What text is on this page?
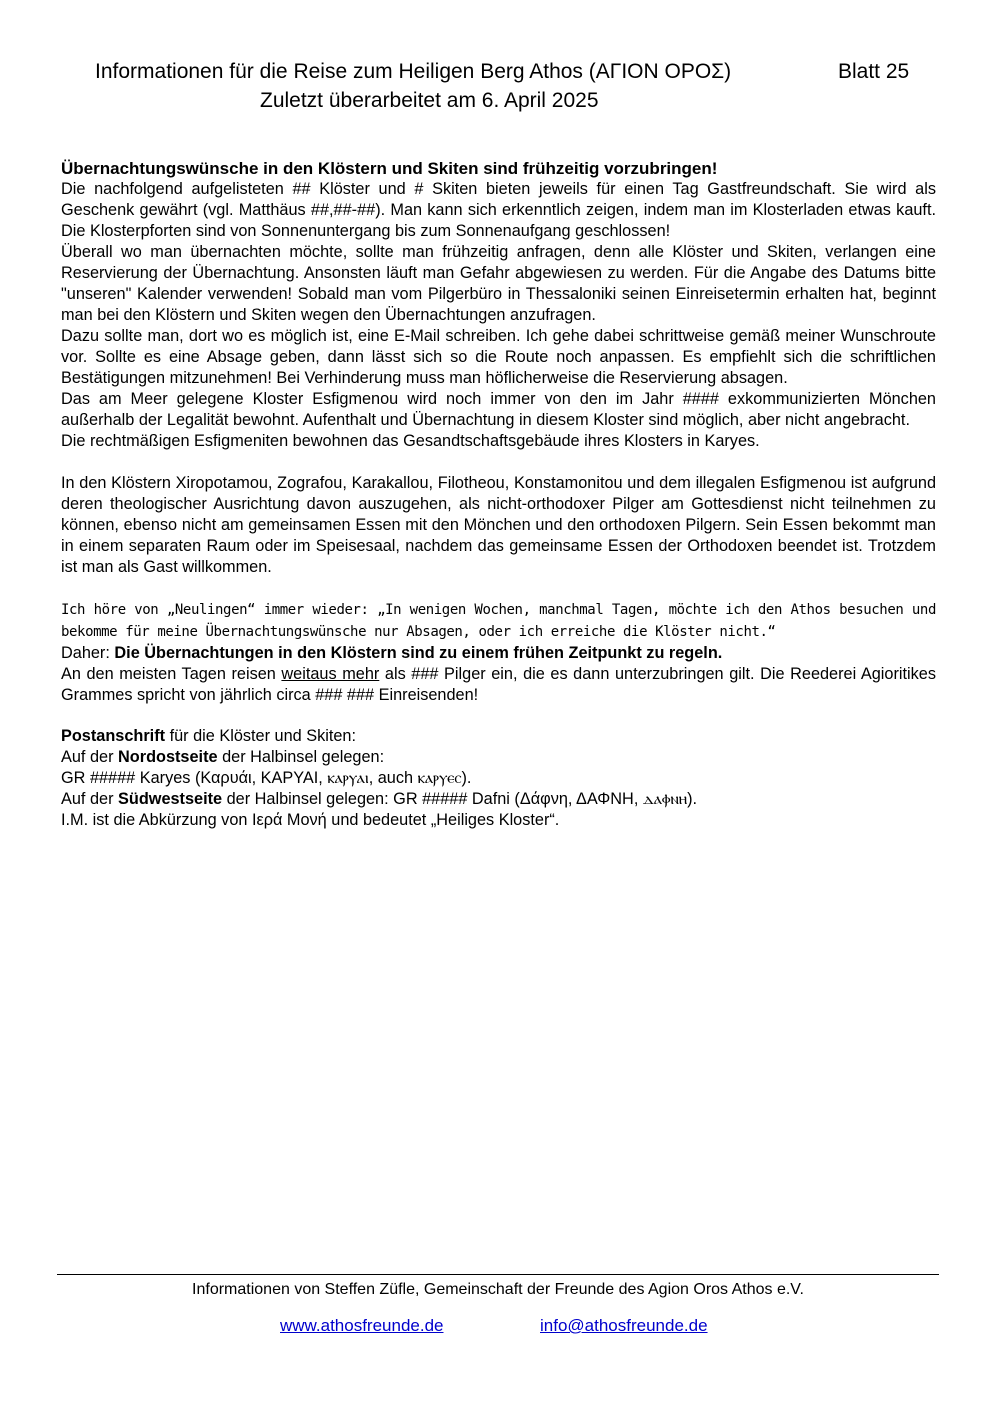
Informationen für die Reise zum Heiligen Berg Athos (ΑΓΙΟΝ ΟΡΟΣ)	Blatt 25
Zuletzt überarbeitet am 6. April 2025
Übernachtungswünsche in den Klöstern und Skiten sind frühzeitig vorzubringen!

Die nachfolgend aufgelisteten ## Klöster und # Skiten bieten jeweils für einen Tag Gastfreundschaft. Sie wird als Geschenk gewährt (vgl. Matthäus ##,##-##). Man kann sich erkenntlich zeigen, indem man im Klosterladen etwas kauft. Die Klosterpforten sind von Sonnenuntergang bis zum Sonnenaufgang geschlossen!

Überall wo man übernachten möchte, sollte man frühzeitig anfragen, denn alle Klöster und Skiten, verlangen eine Reservierung der Übernachtung. Ansonsten läuft man Gefahr abgewiesen zu werden. Für die Angabe des Datums bitte "unseren" Kalender verwenden! Sobald man vom Pilgerbüro in Thessaloniki seinen Einreisetermin erhalten hat, beginnt man bei den Klöstern und Skiten wegen den Übernachtungen anzufragen.

Dazu sollte man, dort wo es möglich ist, eine E-Mail schreiben. Ich gehe dabei schrittweise gemäß meiner Wunschroute vor. Sollte es eine Absage geben, dann lässt sich so die Route noch anpassen. Es empfiehlt sich die schriftlichen Bestätigungen mitzunehmen! Bei Verhinderung muss man höflicherweise die Reservierung absagen.

Das am Meer gelegene Kloster Esfigmenou wird noch immer von den im Jahr #### exkommunizierten Mönchen außerhalb der Legalität bewohnt. Aufenthalt und Übernachtung in diesem Kloster sind möglich, aber nicht angebracht.

Die rechtmäßigen Esfigmeniten bewohnen das Gesandtschaftsgebäude ihres Klosters in Karyes.

In den Klöstern Xiropotamou, Zografou, Karakallou, Filotheou, Konstamonitou und dem illegalen Esfigmenou ist aufgrund deren theologischer Ausrichtung davon auszugehen, als nicht-orthodoxer Pilger am Gottesdienst nicht teilnehmen zu können, ebenso nicht am gemeinsamen Essen mit den Mönchen und den orthodoxen Pilgern. Sein Essen bekommt man in einem separaten Raum oder im Speisesaal, nachdem das gemeinsame Essen der Orthodoxen beendet ist. Trotzdem ist man als Gast willkommen.

Ich höre von „Neulingen“ immer wieder: „In wenigen Wochen, manchmal Tagen, möchte ich den Athos besuchen und bekomme für meine Übernachtungswünsche nur Absagen, oder ich erreiche die Klöster nicht.“

Daher: Die Übernachtungen in den Klöstern sind zu einem frühen Zeitpunkt zu regeln.

An den meisten Tagen reisen weitaus mehr als ### Pilger ein, die es dann unterzubringen gilt. Die Reederei Agioritikes Grammes spricht von jährlich circa ### ### Einreisenden!

Postanschrift für die Klöster und Skiten:

Auf der Nordostseite der Halbinsel gelegen:

GR ##### Karyes (Καρυάι, ΚΑΡΥΑΙ, ⲕⲁⲣⲩⲁⲓ, auch ⲕⲁⲣⲩⲉⲥ).

Auf der Südwestseite der Halbinsel gelegen: GR ##### Dafni (Δάφνη, ΔΑΦΝΗ, ⲇⲁⲫⲛⲏ).

I.M. ist die Abkürzung von Ιερά Μονή und bedeutet „Heiliges Kloster“.

Informationen von Steffen Züfle, Gemeinschaft der Freunde des Agion Oros Athos e.V.
www.athosfreunde.de	info@athosfreunde.de
